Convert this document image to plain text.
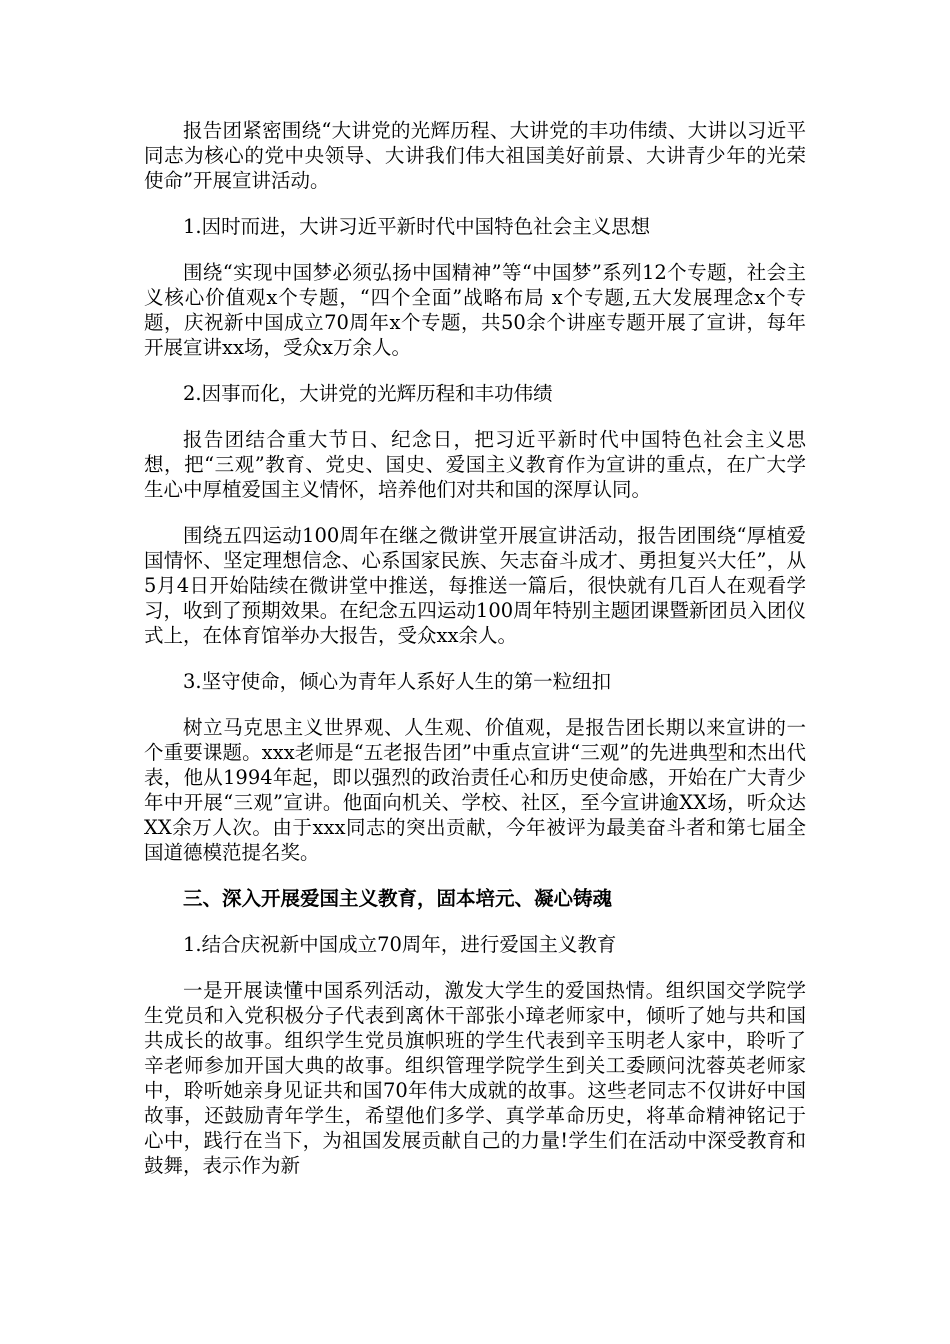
报告团紧密围绕“大讲党的光辉历程、大讲党的丰功伟绩、大讲以习近平同志为核心的党中央领导、大讲我们伟大祖国美好前景、大讲青少年的光荣使命”开展宣讲活动。

1.因时而进，大讲习近平新时代中国特色社会主义思想

围绕“实现中国梦必须弘扬中国精神”等“中国梦”系列12个专题，社会主义核心价值观x个专题，“四个全面”战略布局 x个专题,五大发展理念x个专题，庆祝新中国成立70周年x个专题，共50余个讲座专题开展了宣讲，每年开展宣讲xx场，受众x万余人。

2.因事而化，大讲党的光辉历程和丰功伟绩

报告团结合重大节日、纪念日，把习近平新时代中国特色社会主义思想，把“三观”教育、党史、国史、爱国主义教育作为宣讲的重点，在广大学生心中厚植爱国主义情怀，培养他们对共和国的深厚认同。

围绕五四运动100周年在继之微讲堂开展宣讲活动，报告团围绕“厚植爱国情怀、坚定理想信念、心系国家民族、矢志奋斗成才、勇担复兴大任”，从5月4日开始陆续在微讲堂中推送，每推送一篇后，很快就有几百人在观看学习，收到了预期效果。在纪念五四运动100周年特别主题团课暨新团员入团仪式上，在体育馆举办大报告，受众xx余人。

3.坚守使命，倾心为青年人系好人生的第一粒纽扣

树立马克思主义世界观、人生观、价值观，是报告团长期以来宣讲的一个重要课题。xxx老师是“五老报告团”中重点宣讲“三观”的先进典型和杰出代表，他从1994年起，即以强烈的政治责任心和历史使命感，开始在广大青少年中开展“三观”宣讲。他面向机关、学校、社区，至今宣讲逾XX场，听众达XX余万人次。由于xxx同志的突出贡献，今年被评为最美奋斗者和第七届全国道德模范提名奖。

三、深入开展爱国主义教育，固本培元、凝心铸魂

1.结合庆祝新中国成立70周年，进行爱国主义教育

一是开展读懂中国系列活动，激发大学生的爱国热情。组织国交学院学生党员和入党积极分子代表到离休干部张小璋老师家中，倾听了她与共和国共成长的故事。组织学生党员旗帜班的学生代表到辛玉明老人家中，聆听了辛老师参加开国大典的故事。组织管理学院学生到关工委顾问沈蓉英老师家中，聆听她亲身见证共和国70年伟大成就的故事。这些老同志不仅讲好中国故事，还鼓励青年学生，希望他们多学、真学革命历史，将革命精神铭记于心中，践行在当下，为祖国发展贡献自己的力量!学生们在活动中深受教育和鼓舞，表示作为新
